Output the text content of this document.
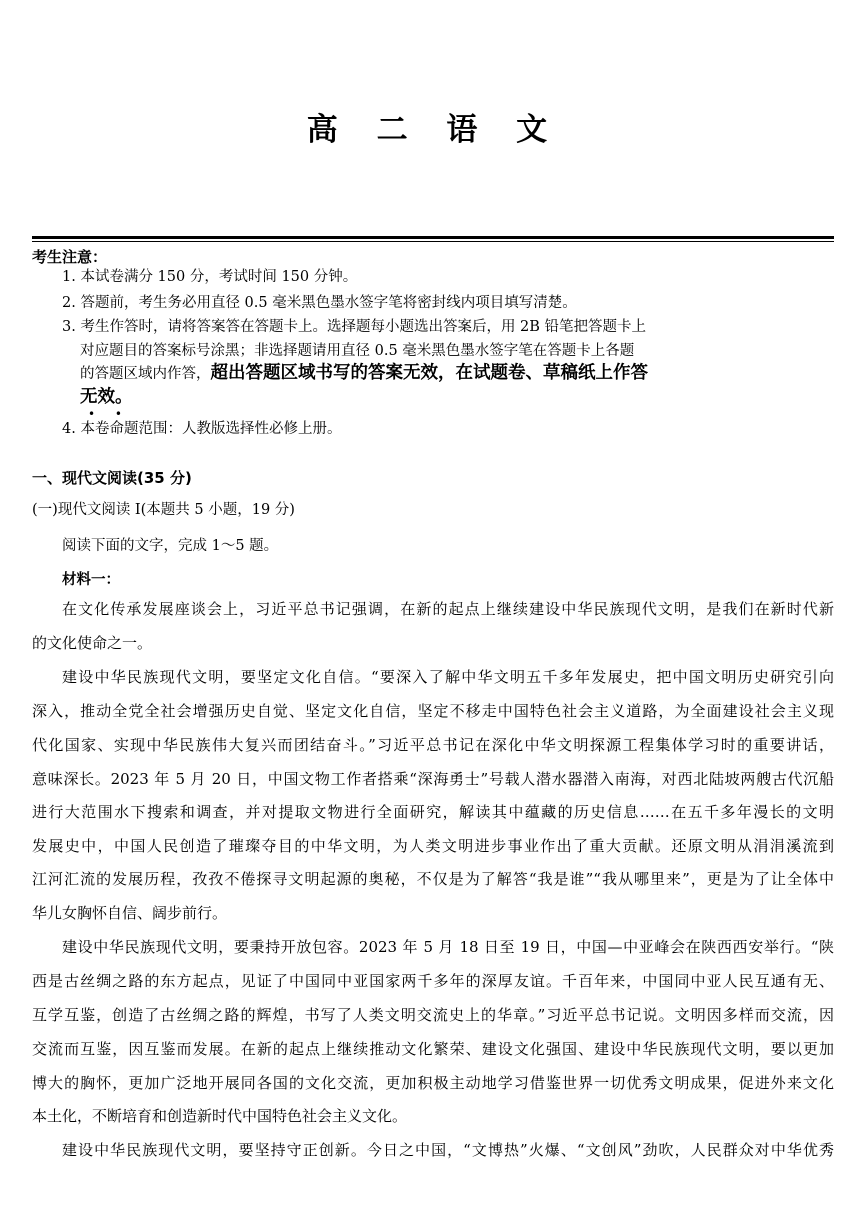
高 二 语 文
考生注意：
1. 本试卷满分 150 分，考试时间 150 分钟。
2. 答题前，考生务必用直径 0.5 毫米黑色墨水签字笔将密封线内项目填写清楚。
3. 考生作答时，请将答案答在答题卡上。选择题每小题选出答案后，用 2B 铅笔把答题卡上
对应题目的答案标号涂黑；非选择题请用直径 0.5 毫米黑色墨水签字笔在答题卡上各题
的答题区域内作答，超出答题区域书写的答案无效，在试题卷、草稿纸上作答
无效。
• •
4. 本卷命题范围：人教版选择性必修上册。
一、现代文阅读(35 分)
(一)现代文阅读 Ⅰ(本题共 5 小题，19 分)
阅读下面的文字，完成 1～5 题。
材料一：
在文化传承发展座谈会上，习近平总书记强调，在新的起点上继续建设中华民族现代文明，是我们在新时代新
的文化使命之一。
建设中华民族现代文明，要坚定文化自信。“要深入了解中华文明五千多年发展史，把中国文明历史研究引向
深入，推动全党全社会增强历史自觉、坚定文化自信，坚定不移走中国特色社会主义道路，为全面建设社会主义现
代化国家、实现中华民族伟大复兴而团结奋斗。”习近平总书记在深化中华文明探源工程集体学习时的重要讲话，
意味深长。2023 年 5 月 20 日，中国文物工作者搭乘“深海勇士”号载人潜水器潜入南海，对西北陆坡两艘古代沉船
进行大范围水下搜索和调查，并对提取文物进行全面研究，解读其中蕴藏的历史信息……在五千多年漫长的文明
发展史中，中国人民创造了璀璨夺目的中华文明，为人类文明进步事业作出了重大贡献。还原文明从涓涓溪流到
江河汇流的发展历程，孜孜不倦探寻文明起源的奥秘，不仅是为了解答“我是谁”“我从哪里来”，更是为了让全体中
华儿女胸怀自信、阔步前行。
建设中华民族现代文明，要秉持开放包容。2023 年 5 月 18 日至 19 日，中国—中亚峰会在陕西西安举行。“陕
西是古丝绸之路的东方起点，见证了中国同中亚国家两千多年的深厚友谊。千百年来，中国同中亚人民互通有无、
互学互鉴，创造了古丝绸之路的辉煌，书写了人类文明交流史上的华章。”习近平总书记说。文明因多样而交流，因
交流而互鉴，因互鉴而发展。在新的起点上继续推动文化繁荣、建设文化强国、建设中华民族现代文明，要以更加
博大的胸怀，更加广泛地开展同各国的文化交流，更加积极主动地学习借鉴世界一切优秀文明成果，促进外来文化
本土化，不断培育和创造新时代中国特色社会主义文化。
建设中华民族现代文明，要坚持守正创新。今日之中国，“文博热”火爆、“文创风”劲吹，人民群众对中华优秀
